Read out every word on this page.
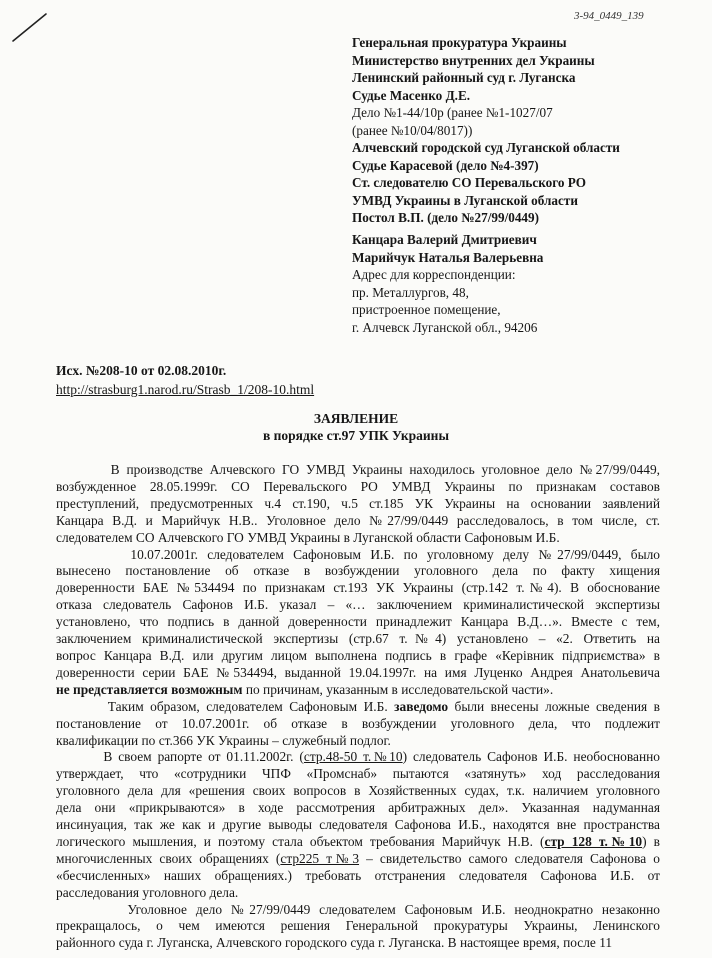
3-94_0449_139
Генеральная прокуратура Украины
Министерство внутренних дел Украины
Ленинский районный суд г. Луганска
Судье Масенко Д.Е.
Дело №1-44/10р (ранее №1-1027/07
(ранее №10/04/8017))
Алчевский городской суд Луганской области
Судье Карасевой (дело №4-397)
Ст. следователю СО Перевальского РО
УМВД Украины в Луганской области
Постол В.П. (дело №27/99/0449)
Канцара Валерий Дмитриевич
Марийчук Наталья Валерьевна
Адрес для корреспонденции:
пр. Металлургов, 48,
пристроенное помещение,
г. Алчевск Луганской обл., 94206
Исх. №208-10 от 02.08.2010г.
http://strasburg1.narod.ru/Strasb_1/208-10.html
ЗАЯВЛЕНИЕ
в порядке ст.97 УПК Украины
В производстве Алчевского ГО УМВД Украины находилось уголовное дело №27/99/0449,
возбужденное 28.05.1999г. СО Перевальского РО УМВД Украины по признакам составов
преступлений, предусмотренных ч.4 ст.190, ч.5 ст.185 УК Украины на основании заявлений
Канцара В.Д. и Марийчук Н.В.. Уголовное дело №27/99/0449 расследовалось, в том числе, ст.
следователем СО Алчевского ГО УМВД Украины в Луганской области Сафоновым И.Б.
10.07.2001г. следователем Сафоновым И.Б. по уголовному делу №27/99/0449, было
вынесено постановление об отказе в возбуждении уголовного дела по факту хищения
доверенности БАЕ №534494 по признакам ст.193 УК Украины (стр.142 т.№4). В обоснование
отказа следователь Сафонов И.Б. указал – «… заключением криминалистической экспертизы
установлено, что подпись в данной доверенности принадлежит Канцара В.Д…». Вместе с тем,
заключением криминалистической экспертизы (стр.67 т.№4) установлено – «2. Ответить на
вопрос Канцара В.Д. или другим лицом выполнена подпись в графе «Керівник підприємства» в
доверенности серии БАЕ №534494, выданной 19.04.1997г. на имя Луценко Андрея Анатольевича
не представляется возможным по причинам, указанным в исследовательской части».
Таким образом, следователем Сафоновым И.Б. заведомо были внесены ложные сведения в
постановление от 10.07.2001г. об отказе в возбуждении уголовного дела, что подлежит
квалификации по ст.366 УК Украины – служебный подлог.
В своем рапорте от 01.11.2002г. (стр.48-50 т.№10) следователь Сафонов И.Б. необоснованно
утверждает, что «сотрудники ЧПФ «Промснаб» пытаются «затянуть» ход расследования
уголовного дела для «решения своих вопросов в Хозяйственных судах, т.к. наличием уголовного
дела они «прикрываются» в ходе рассмотрения арбитражных дел». Указанная надуманная
инсинуация, так же как и другие выводы следователя Сафонова И.Б., находятся вне пространства
логического мышления, и поэтому стала объектом требования Марийчук Н.В. (стр 128 т.№10) в
многочисленных своих обращениях (стр225 т№3 – свидетельство самого следователя Сафонова о
«бесчисленных» наших обращениях.) требовать отстранения следователя Сафонова И.Б. от
расследования уголовного дела.
Уголовное дело №27/99/0449 следователем Сафоновым И.Б. неоднократно незаконно
прекращалось, о чем имеются решения Генеральной прокуратуры Украины, Ленинского
районного суда г. Луганска, Алчевского городского суда г. Луганска. В настоящее время, после 11
